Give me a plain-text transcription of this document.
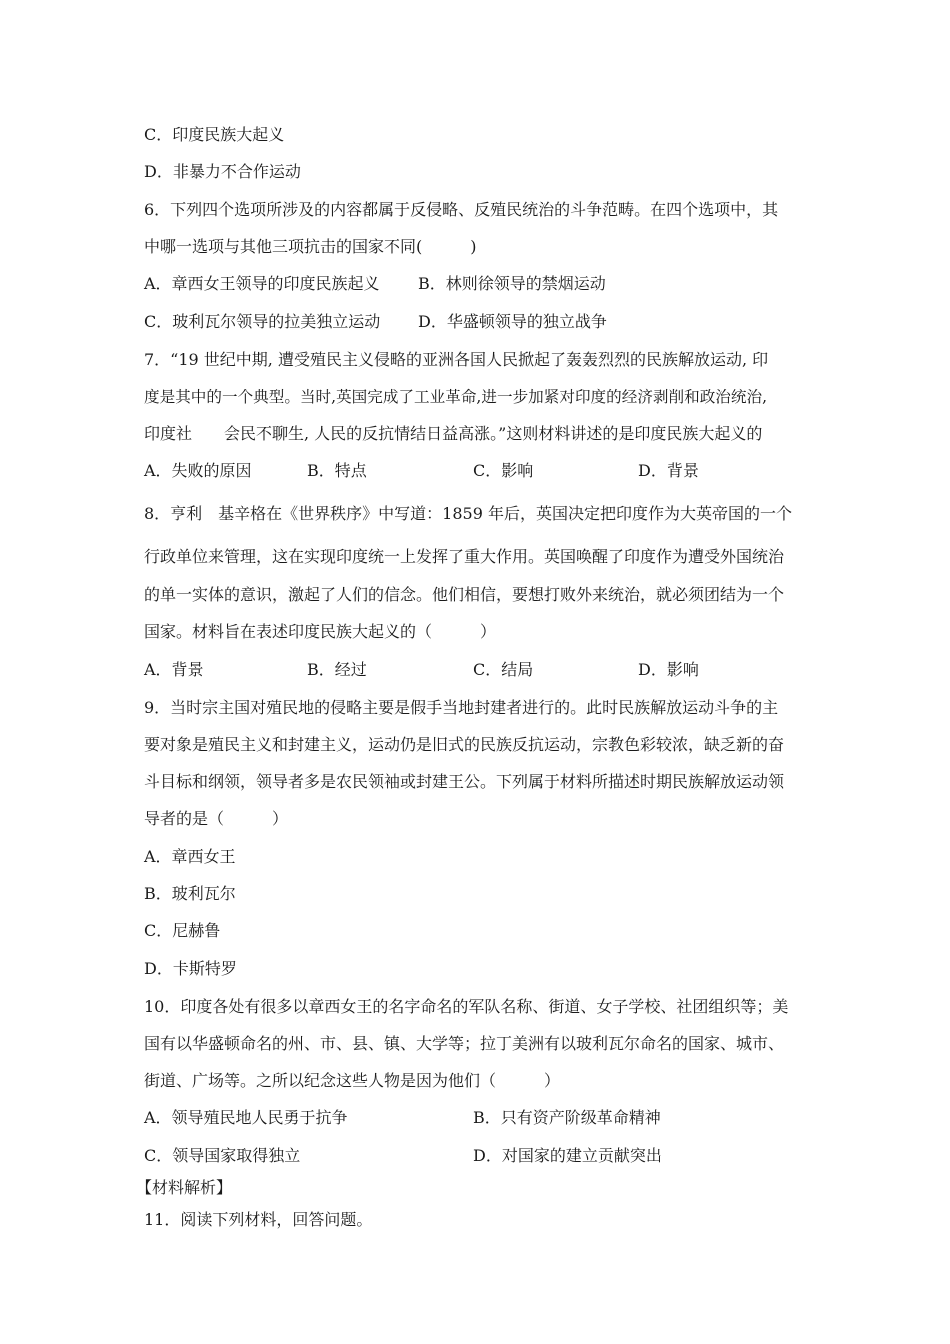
C．印度民族大起义
D．非暴力不合作运动
6．下列四个选项所涉及的内容都属于反侵略、反殖民统治的斗争范畴。在四个选项中，其
中哪一选项与其他三项抗击的国家不同(　　　)
A．章西女王领导的印度民族起义 B．林则徐领导的禁烟运动
C．玻利瓦尔领导的拉美独立运动 D．华盛顿领导的独立战争
7．“19 世纪中期, 遭受殖民主义侵略的亚洲各国人民掀起了轰轰烈烈的民族解放运动, 印
度是其中的一个典型。当时,英国完成了工业革命,进一步加紧对印度的经济剥削和政治统治,
印度社　　会民不聊生, 人民的反抗情结日益高涨。”这则材料讲述的是印度民族大起义的
A．失败的原因	B．特点	C．影响	D．背景
8．亨利　基辛格在《世界秩序》中写道：1859 年后，英国决定把印度作为大英帝国的一个
行政单位来管理，这在实现印度统一上发挥了重大作用。英国唤醒了印度作为遭受外国统治
的单一实体的意识，激起了人们的信念。他们相信，要想打败外来统治，就必须团结为一个
国家。材料旨在表述印度民族大起义的（　　　）
A．背景	B．经过	C．结局	D．影响
9．当时宗主国对殖民地的侵略主要是假手当地封建者进行的。此时民族解放运动斗争的主
要对象是殖民主义和封建主义，运动仍是旧式的民族反抗运动，宗教色彩较浓，缺乏新的奋
斗目标和纲领，领导者多是农民领袖或封建王公。下列属于材料所描述时期民族解放运动领
导者的是（　　　）
A．章西女王
B．玻利瓦尔
C．尼赫鲁
D．卡斯特罗
10．印度各处有很多以章西女王的名字命名的军队名称、街道、女子学校、社团组织等；美
国有以华盛顿命名的州、市、县、镇、大学等；拉丁美洲有以玻利瓦尔命名的国家、城市、
街道、广场等。之所以纪念这些人物是因为他们（　　　）
A．领导殖民地人民勇于抗争	B．只有资产阶级革命精神
C．领导国家取得独立	D．对国家的建立贡献突出
【材料解析】
11．阅读下列材料，回答问题。
